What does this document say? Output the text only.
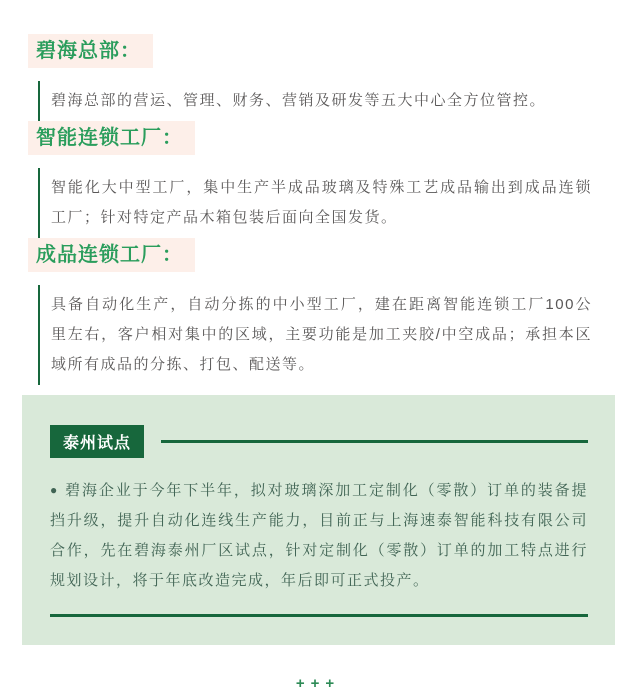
碧海总部：
碧海总部的营运、管理、财务、营销及研发等五大中心全方位管控。
智能连锁工厂：
智能化大中型工厂，集中生产半成品玻璃及特殊工艺成品输出到成品连锁工厂；针对特定产品木箱包装后面向全国发货。
成品连锁工厂：
具备自动化生产，自动分拣的中小型工厂，建在距离智能连锁工厂100公里左右，客户相对集中的区域，主要功能是加工夹胶/中空成品；承担本区域所有成品的分拣、打包、配送等。
泰州试点
● 碧海企业于今年下半年，拟对玻璃深加工定制化（零散）订单的装备提挡升级，提升自动化连线生产能力，目前正与上海速泰智能科技有限公司合作，先在碧海泰州厂区试点，针对定制化（零散）订单的加工特点进行规划设计，将于年底改造完成，年后即可正式投产。
+++
